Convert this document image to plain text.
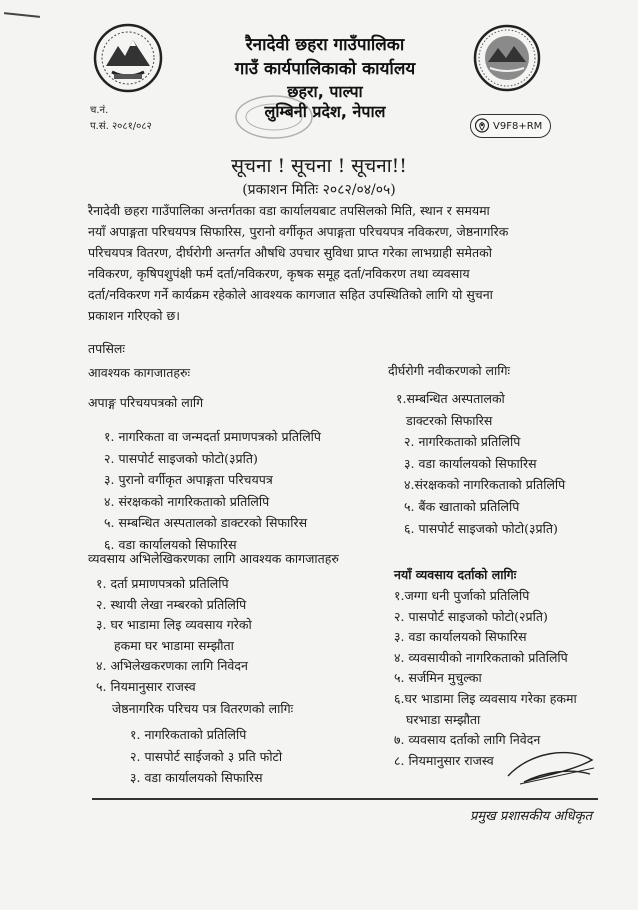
रैनादेवी छहरा गाउँपालिका
गाउँ कार्यपालिकाको कार्यालय
छहरा, पाल्पा
लुम्बिनी प्रदेश, नेपाल
च.नं.
प.सं. २०८१/०८२	V9F8+RM
सूचना ! सूचना ! सूचना!!
(प्रकाशन मितिः २०८२/०४/०५)
रैनादेवी छहरा गाउँपालिका अन्तर्गतका वडा कार्यालयबाट तपसिलको मिति, स्थान र समयमा
नयाँ अपाङ्गता परिचयपत्र सिफारिस, पुरानो वर्गीकृत अपाङ्गता परिचयपत्र नविकरण, जेष्ठनागरिक
परिचयपत्र वितरण, दीर्घरोगी अन्तर्गत औषधि उपचार सुविधा प्राप्त गरेका लाभग्राही समेतको
नविकरण, कृषिपशुपंक्षी फर्म दर्ता/नविकरण, कृषक समूह दर्ता/नविकरण तथा व्यवसाय
दर्ता/नविकरण गर्ने कार्यक्रम रहेकोले आवश्यक कागजात सहित उपस्थितिको लागि यो सुचना
प्रकाशन गरिएको छ।
तपसिलः
आवश्यक कागजातहरुः
अपाङ्ग परिचयपत्रको लागि
१. नागरिकता वा जन्मदर्ता प्रमाणपत्रको प्रतिलिपि
२. पासपोर्ट साइजको फोटो(३प्रति)
३. पुरानो वर्गीकृत अपाङ्गता परिचयपत्र
४. संरक्षकको नागरिकताको प्रतिलिपि
५. सम्बन्धित अस्पतालको डाक्टरको सिफारिस
६. वडा कार्यालयको सिफारिस
व्यवसाय अभिलेखिकरणका लागि आवश्यक कागजातहरु
१. दर्ता प्रमाणपत्रको प्रतिलिपि
२. स्थायी लेखा नम्बरको प्रतिलिपि
३. घर भाडामा लिइ व्यवसाय गरेको
हकमा घर भाडामा सम्झौता
४. अभिलेखकरणका लागि निवेदन
५. नियमानुसार राजस्व
जेष्ठनागरिक परिचय पत्र वितरणको लागिः
१. नागरिकताको प्रतिलिपि
२. पासपोर्ट साईजको ३ प्रति फोटो
३. वडा कार्यालयको सिफारिस
दीर्घरोगी नवीकरणको लागिः
१.सम्बन्धित अस्पतालको
डाक्टरको सिफारिस
२. नागरिकताको प्रतिलिपि
३. वडा कार्यालयको सिफारिस
४.संरक्षकको नागरिकताको प्रतिलिपि
५. बैंक खाताको प्रतिलिपि
६. पासपोर्ट साइजको फोटो(३प्रति)
नयाँ व्यवसाय दर्ताको लागिः
१.जग्गा धनी पुर्जाको प्रतिलिपि
२. पासपोर्ट साइजको फोटो(२प्रति)
३. वडा कार्यालयको सिफारिस
४. व्यवसायीको नागरिकताको प्रतिलिपि
५. सर्जमिन मुचुल्का
६.घर भाडामा लिइ व्यवसाय गरेका हकमा
घरभाडा सम्झौता
७. व्यवसाय दर्ताको लागि निवेदन
८. नियमानुसार राजस्व
प्रमुख प्रशासकीय अधिकृत
